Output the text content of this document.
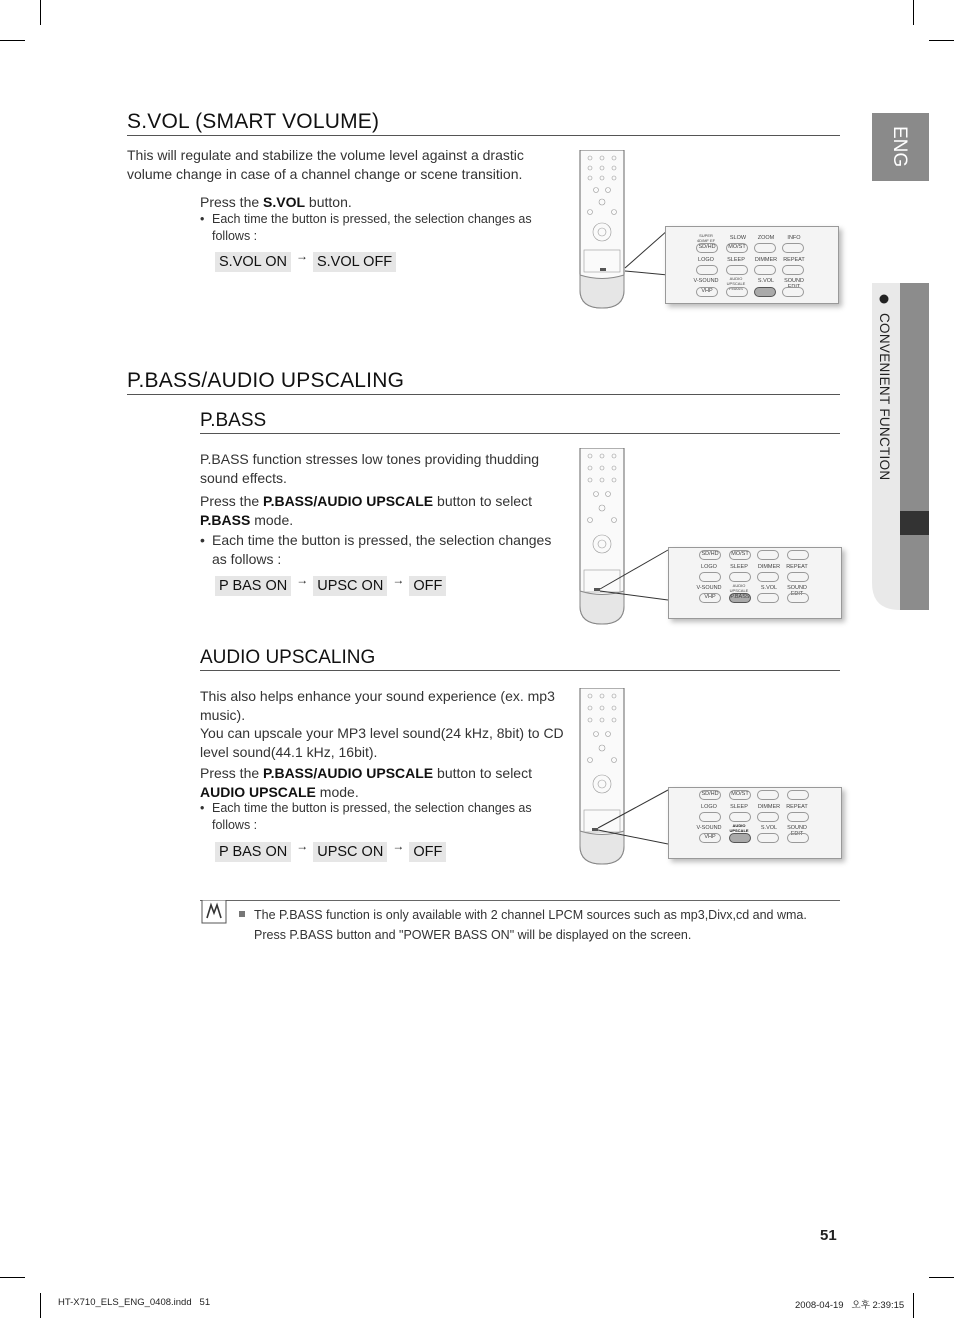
ENG
CONVENIENT FUNCTION
S.VOL (SMART VOLUME)
This will regulate and stabilize the volume level against a drastic volume change in case of a channel change or scene transition.
Press the S.VOL button.
• Each time the button is pressed, the selection changes as follows :
S.VOL ON → S.VOL OFF
P.BASS/AUDIO UPSCALING
P.BASS
P.BASS function stresses low tones providing thudding sound effects.
Press the P.BASS/AUDIO UPSCALE button to select P.BASS mode.
• Each time the button is pressed, the selection changes as follows :
P BAS ON → UPSC ON → OFF
AUDIO UPSCALING
This also helps enhance your sound experience (ex. mp3 music).
You can upscale your MP3 level sound(24 kHz, 8bit) to CD level sound(44.1 kHz, 16bit).
Press the P.BASS/AUDIO UPSCALE button to select AUDIO UPSCALE mode.
• Each time the button is pressed, the selection changes as follows :
P BAS ON → UPSC ON → OFF
SUPER 4D/MF EF	SLOW	ZOOM	INFO
SD/HD	MO/ST
LOGO	SLEEP	DIMMER	REPEAT
V-SOUND	AUDIO UPSCALE P.BASS
S.VOL	SOUND EDIT
VHP
SD/HD	MO/ST
LOGO	SLEEP	DIMMER	REPEAT
V-SOUND	AUDIO UPSCALE	S.VOL	SOUND EDIT
VHP	P.BASS
SD/HD	MO/ST
LOGO	SLEEP	DIMMER	REPEAT
V-SOUND	AUDIO UPSCALE	S.VOL	SOUND EDIT
VHP
The P.BASS function is only available with 2 channel LPCM sources such as mp3,Divx,cd and wma.
Press P.BASS button and "POWER BASS ON" will be displayed on the screen.
51
HT-X710_ELS_ENG_0408.indd   51	2008-04-19   오후 2:39:15
